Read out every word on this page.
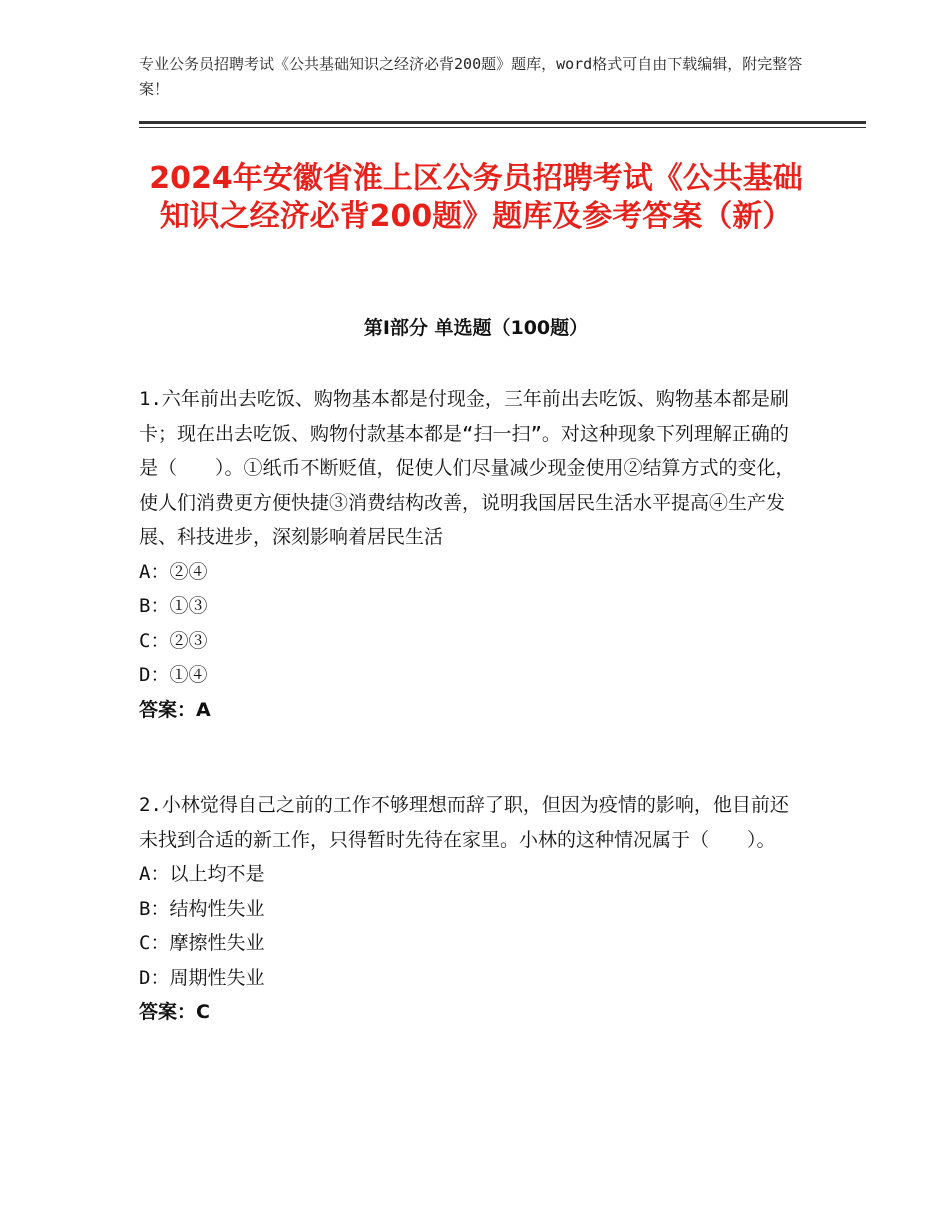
专业公务员招聘考试《公共基础知识之经济必背200题》题库，word格式可自由下载编辑，附完整答案！
2024年安徽省淮上区公务员招聘考试《公共基础知识之经济必背200题》题库及参考答案（新）
第I部分 单选题（100题）

1.六年前出去吃饭、购物基本都是付现金，三年前出去吃饭、购物基本都是刷卡；现在出去吃饭、购物付款基本都是“扫一扫”。对这种现象下列理解正确的是（　　）。①纸币不断贬值，促使人们尽量减少现金使用②结算方式的变化，使人们消费更方便快捷③消费结构改善，说明我国居民生活水平提高④生产发展、科技进步，深刻影响着居民生活

A：②④

B：①③

C：②③

D：①④

答案：A

2.小林觉得自己之前的工作不够理想而辞了职，但因为疫情的影响，他目前还未找到合适的新工作，只得暂时先待在家里。小林的这种情况属于（　　）。

A：以上均不是

B：结构性失业

C：摩擦性失业

D：周期性失业

答案：C
